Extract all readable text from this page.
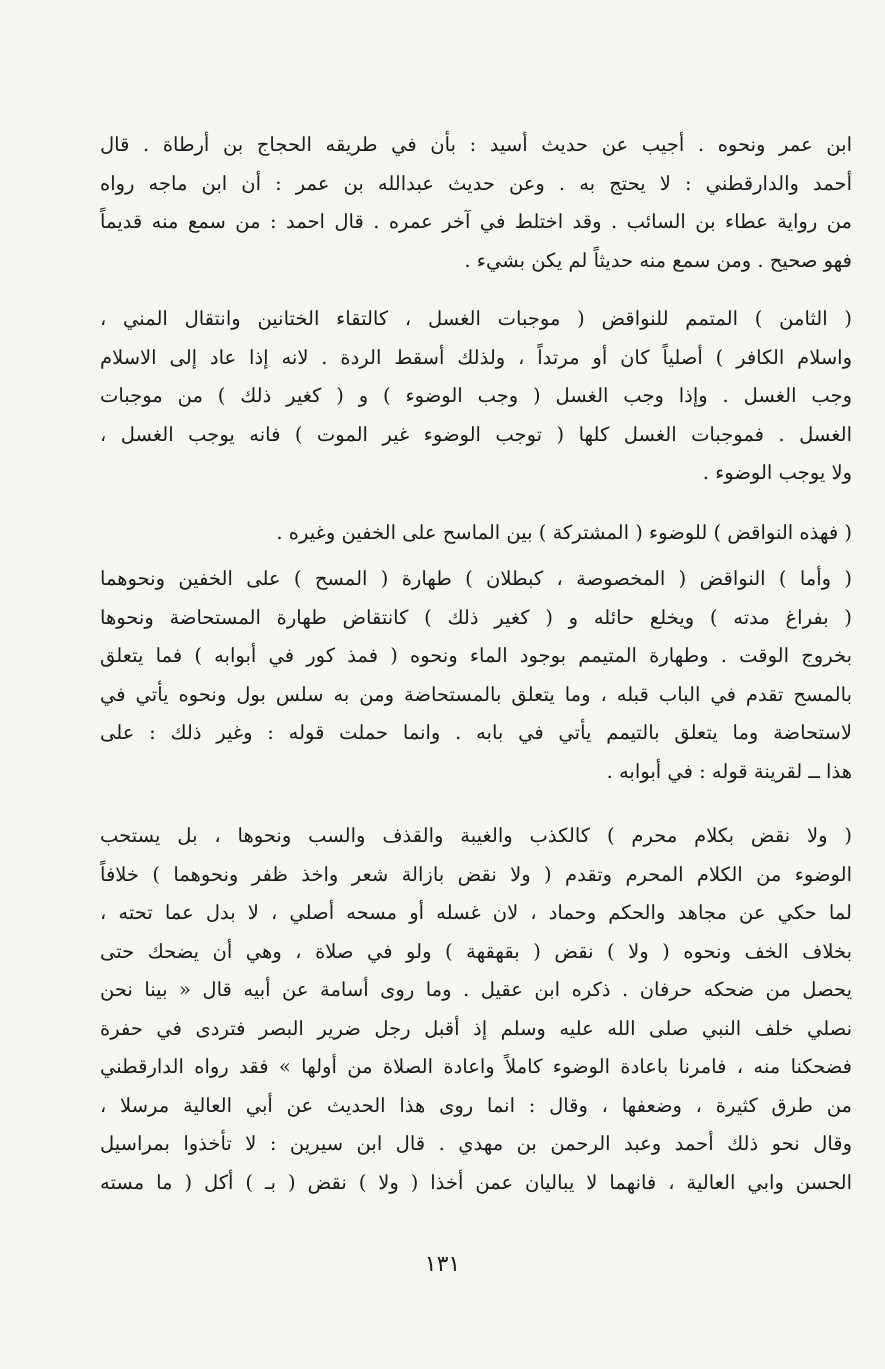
ابن عمر ونحوه . أجيب عن حديث أسيد : بأن في طريقه الحجاج بن أرطاة . قال
أحمد والدارقطني : لا يحتج به . وعن حديث عبدالله بن عمر : أن ابن ماجه رواه
من رواية عطاء بن السائب . وقد اختلط في آخر عمره . قال احمد : من سمع منه قديماً
فهو صحيح . ومن سمع منه حديثاً لم يكن بشيء .
( الثامن ) المتمم للنواقض ( موجبات الغسل ، كالتقاء الختانين وانتقال المني ،
واسلام الكافر ) أصلياً كان أو مرتداً ، ولذلك أسقط الردة . لانه إذا عاد إلى الاسلام
وجب الغسل . وإذا وجب الغسل ( وجب الوضوء ) و ( كغير ذلك ) من موجبات
الغسل . فموجبات الغسل كلها ( توجب الوضوء غير الموت ) فانه يوجب الغسل ،
ولا يوجب الوضوء .
( فهذه النواقض ) للوضوء ( المشتركة ) بين الماسح على الخفين وغيره .
( وأما ) النواقض ( المخصوصة ، كبطلان ) طهارة ( المسح ) على الخفين ونحوهما
( بفراغ مدته ) ويخلع حائله و ( كغير ذلك ) كانتقاض طهارة المستحاضة ونحوها
بخروج الوقت . وطهارة المتيمم بوجود الماء ونحوه ( فمذ كور في أبوابه ) فما يتعلق
بالمسح تقدم في الباب قبله ، وما يتعلق بالمستحاضة ومن به سلس بول ونحوه يأتي في
لاستحاضة وما يتعلق بالتيمم يأتي في بابه . وانما حملت قوله : وغير ذلك : على
هذا ــ لقرينة قوله : في أبوابه .
( ولا نقض بكلام محرم ) كالكذب والغيبة والقذف والسب ونحوها ، بل يستحب
الوضوء من الكلام المحرم وتقدم ( ولا نقض بازالة شعر واخذ ظفر ونحوهما ) خلافاً
لما حكي عن مجاهد والحكم وحماد ، لان غسله أو مسحه أصلي ، لا بدل عما تحته ،
بخلاف الخف ونحوه ( ولا ) نقض ( بقهقهة ) ولو في صلاة ، وهي أن يضحك حتى
يحصل من ضحكه حرفان . ذكره ابن عقيل . وما روى أسامة عن أبيه قال « بينا نحن
نصلي خلف النبي صلى الله عليه وسلم إذ أقبل رجل ضرير البصر فتردى في حفرة
فضحكنا منه ، فامرنا باعادة الوضوء كاملاً واعادة الصلاة من أولها » فقد رواه الدارقطني
من طرق كثيرة ، وضعفها ، وقال : انما روى هذا الحديث عن أبي العالية مرسلا ،
وقال نحو ذلك أحمد وعبد الرحمن بن مهدي . قال ابن سيرين : لا تأخذوا بمراسيل
الحسن وابي العالية ، فانهما لا يباليان عمن أخذا ( ولا ) نقض ( بـ ) أكل ( ما مسته
١٣١
